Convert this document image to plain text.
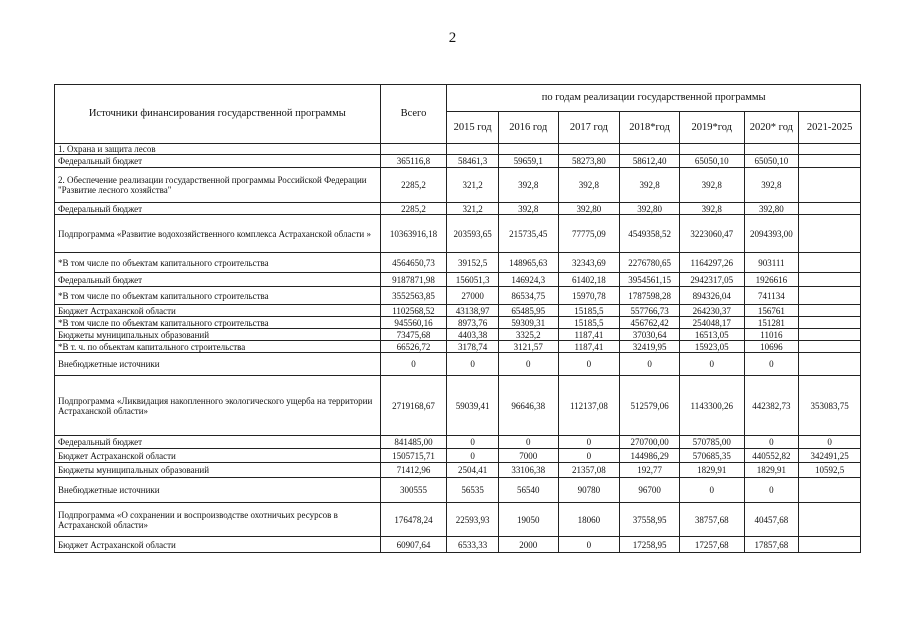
2
Источники финансирования государственной программы	Всего	по годам реализации государственной программы						
		2015 год	2016 год	2017 год	2018*год	2019*год	2020* год	2021-2025
1. Охрана и защита лесов								
Федеральный бюджет	365116,8	58461,3	59659,1	58273,80	58612,40	65050,10	65050,10	
2. Обеспечение реализации государственной программы Российской Федерации "Развитие лесного хозяйства"	2285,2	321,2	392,8	392,8	392,8	392,8	392,8	
Федеральный бюджет	2285,2	321,2	392,8	392,80	392,80	392,8	392,80	
Подпрограмма «Развитие водохозяйственного комплекса Астраханской области »	10363916,18	203593,65	215735,45	77775,09	4549358,52	3223060,47	2094393,00	
*В том числе по объектам капитального строительства	4564650,73	39152,5	148965,63	32343,69	2276780,65	1164297,26	903111	
Федеральный бюджет	9187871,98	156051,3	146924,3	61402,18	3954561,15	2942317,05	1926616	
*В том числе по объектам капитального строительства	3552563,85	27000	86534,75	15970,78	1787598,28	894326,04	741134	
Бюджет Астраханской области	1102568,52	43138,97	65485,95	15185,5	557766,73	264230,37	156761	
*В том числе по объектам капитального строительства	945560,16	8973,76	59309,31	15185,5	456762,42	254048,17	151281	
Бюджеты муниципальных образований	73475,68	4403,38	3325,2	1187,41	37030,64	16513,05	11016	
*В т. ч. по объектам капитального строительства	66526,72	3178,74	3121,57	1187,41	32419,95	15923,05	10696	
Внебюджетные источники	0	0	0	0	0	0	0	
Подпрограмма «Ликвидация накопленного экологического ущерба на территории Астраханской области»	2719168,67	59039,41	96646,38	112137,08	512579,06	1143300,26	442382,73	353083,75
Федеральный бюджет	841485,00	0	0	0	270700,00	570785,00	0	0
Бюджет Астраханской области	1505715,71	0	7000	0	144986,29	570685,35	440552,82	342491,25
Бюджеты муниципальных образований	71412,96	2504,41	33106,38	21357,08	192,77	1829,91	1829,91	10592,5
Внебюджетные источники	300555	56535	56540	90780	96700	0	0	
Подпрограмма «О сохранении и воспроизводстве охотничьих ресурсов в Астраханской области»	176478,24	22593,93	19050	18060	37558,95	38757,68	40457,68	
Бюджет Астраханской области	60907,64	6533,33	2000	0	17258,95	17257,68	17857,68	
